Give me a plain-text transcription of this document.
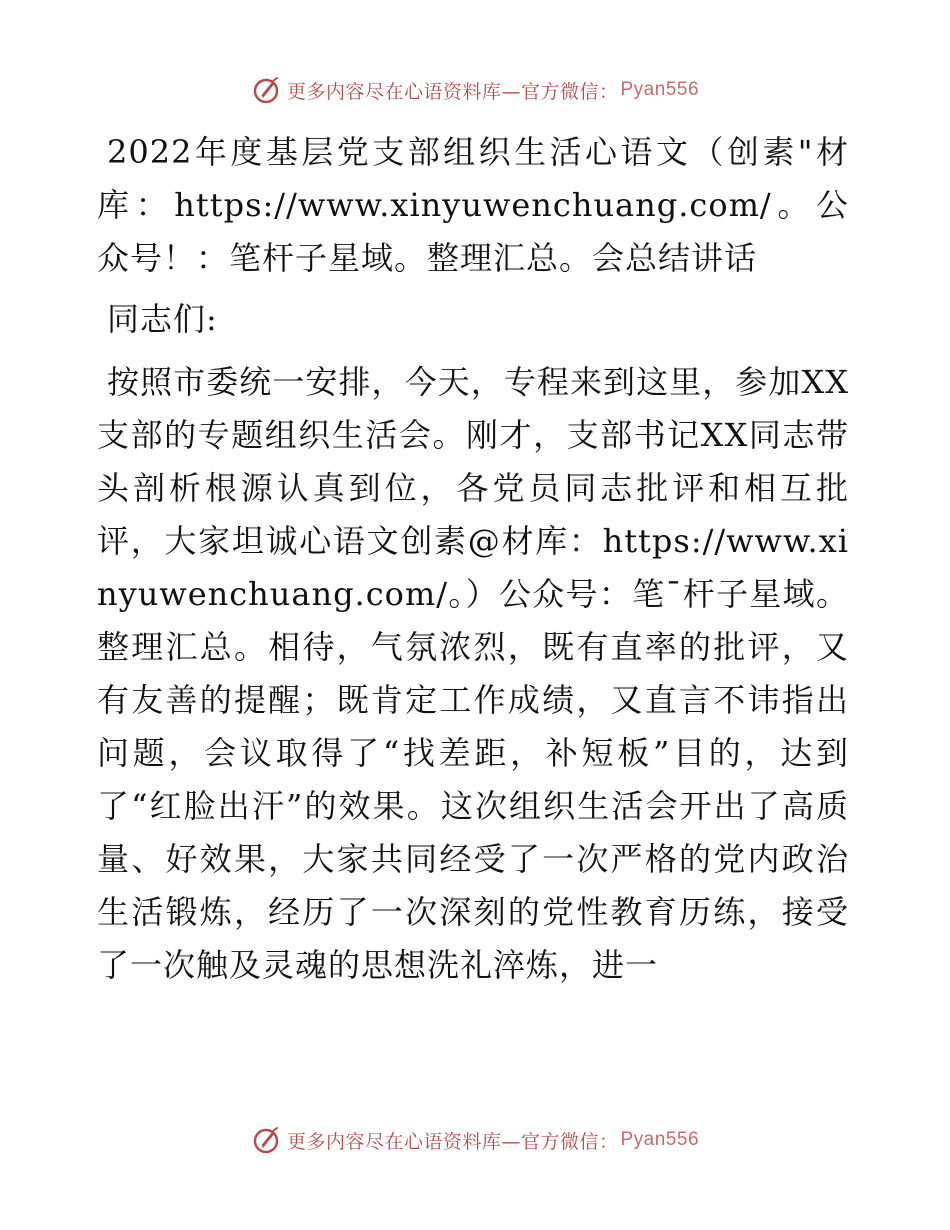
更多内容尽在心语资料库—官方微信： Pyan556

2022年度基层党支部组织生活心语文（创素"材库：https://www.xinyuwenchuang.com/。公众号！：笔杆子星域。整理汇总。会总结讲话

同志们:

按照市委统一安排，今天，专程来到这里，参加XX支部的专题组织生活会。刚才，支部书记XX同志带头剖析根源认真到位，各党员同志批评和相互批评，大家坦诚心语文创素@材库：https://www.xinyuwenchuang.com/。）公众号：笔¯杆子星域。整理汇总。相待，气氛浓烈，既有直率的批评，又有友善的提醒；既肯定工作成绩，又直言不讳指出问题，会议取得了“找差距，补短板”目的，达到了“红脸出汗”的效果。这次组织生活会开出了高质量、好效果，大家共同经受了一次严格的党内政治生活锻炼，经历了一次深刻的党性教育历练，接受了一次触及灵魂的思想洗礼淬炼，进一

更多内容尽在心语资料库—官方微信： Pyan556
